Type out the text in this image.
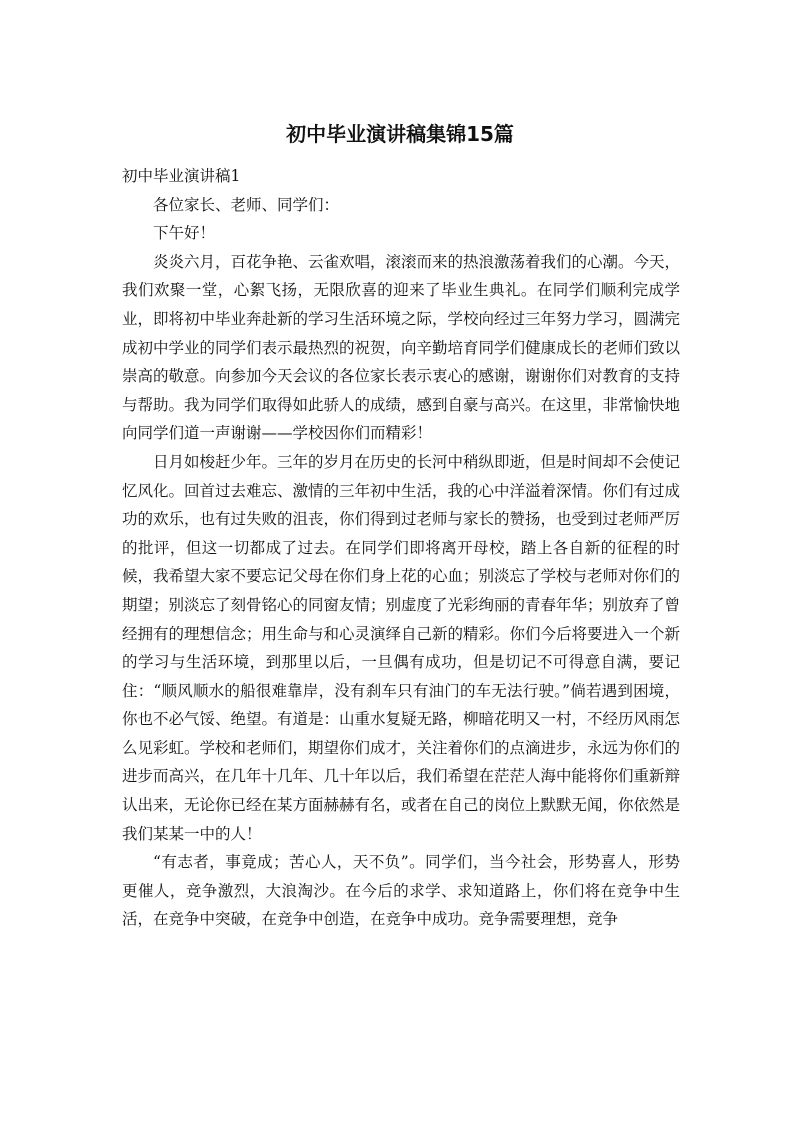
初中毕业演讲稿集锦15篇

初中毕业演讲稿1

各位家长、老师、同学们：

下午好！

炎炎六月，百花争艳、云雀欢唱，滚滚而来的热浪激荡着我们的心潮。今天，我们欢聚一堂，心絮飞扬，无限欣喜的迎来了毕业生典礼。在同学们顺利完成学业，即将初中毕业奔赴新的学习生活环境之际，学校向经过三年努力学习，圆满完成初中学业的同学们表示最热烈的祝贺，向辛勤培育同学们健康成长的老师们致以崇高的敬意。向参加今天会议的各位家长表示衷心的感谢，谢谢你们对教育的支持与帮助。我为同学们取得如此骄人的成绩，感到自豪与高兴。在这里，非常愉快地向同学们道一声谢谢——学校因你们而精彩！

日月如梭赶少年。三年的岁月在历史的长河中稍纵即逝，但是时间却不会使记忆风化。回首过去难忘、激情的三年初中生活，我的心中洋溢着深情。你们有过成功的欢乐，也有过失败的沮丧，你们得到过老师与家长的赞扬，也受到过老师严厉的批评，但这一切都成了过去。在同学们即将离开母校，踏上各自新的征程的时候，我希望大家不要忘记父母在你们身上花的心血；别淡忘了学校与老师对你们的期望；别淡忘了刻骨铭心的同窗友情；别虚度了光彩绚丽的青春年华；别放弃了曾经拥有的理想信念；用生命与和心灵演绎自己新的精彩。你们今后将要进入一个新的学习与生活环境，到那里以后，一旦偶有成功，但是切记不可得意自满，要记住：“顺风顺水的船很难靠岸，没有刹车只有油门的车无法行驶。”倘若遇到困境，你也不必气馁、绝望。有道是：山重水复疑无路，柳暗花明又一村，不经历风雨怎么见彩虹。学校和老师们，期望你们成才，关注着你们的点滴进步，永远为你们的进步而高兴，在几年十几年、几十年以后，我们希望在茫茫人海中能将你们重新辩认出来，无论你已经在某方面赫赫有名，或者在自己的岗位上默默无闻，你依然是我们某某一中的人！

“有志者，事竟成；苦心人，天不负”。同学们，当今社会，形势喜人，形势更催人，竞争激烈，大浪淘沙。在今后的求学、求知道路上，你们将在竞争中生活，在竞争中突破，在竞争中创造，在竞争中成功。竞争需要理想，竞争
